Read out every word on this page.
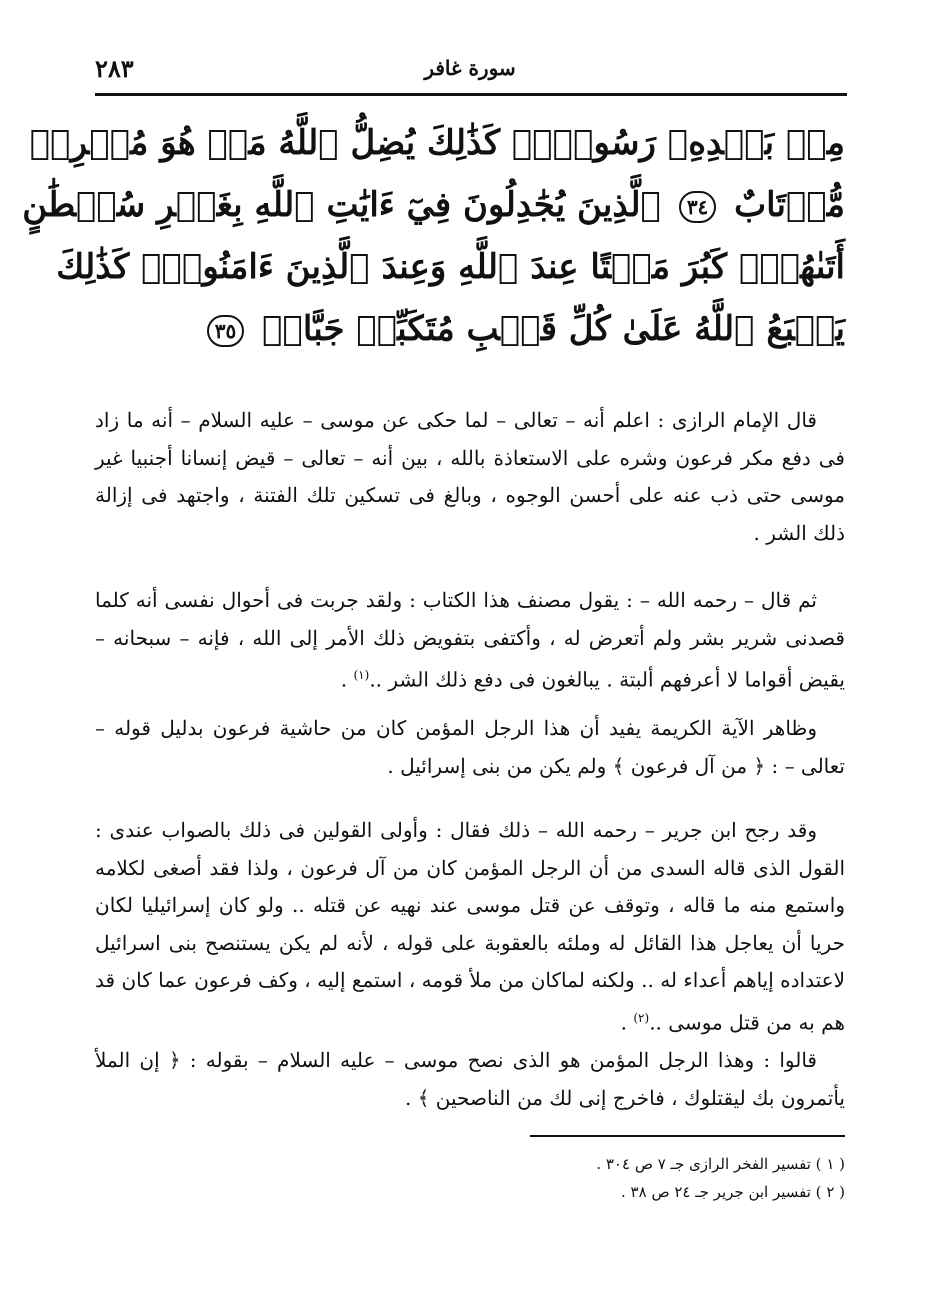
سورة غافر
٢٨٣
مِنۢ بَعۡدِهِۦ رَسُولٗاۚ كَذَٰلِكَ يُضِلُّ ٱللَّهُ مَنۡ هُوَ مُسۡرِفٞ
مُّرۡتَابٌ ٣٤ ٱلَّذِينَ يُجَٰدِلُونَ فِيٓ ءَايَٰتِ ٱللَّهِ بِغَيۡرِ سُلۡطَٰنٍ
أَتَىٰهُمۡۖ كَبُرَ مَقۡتًا عِندَ ٱللَّهِ وَعِندَ ٱلَّذِينَ ءَامَنُواْۚ كَذَٰلِكَ
يَطۡبَعُ ٱللَّهُ عَلَىٰ كُلِّ قَلۡبِ مُتَكَبِّرٖ جَبَّارٖ ٣٥

قال الإمام الرازى : اعلم أنه – تعالى – لما حكى عن موسى – عليه السلام – أنه ما زاد فى دفع مكر فرعون وشره على الاستعاذة بالله ، بين أنه – تعالى – قيض إنسانا أجنبيا غير موسى حتى ذب عنه على أحسن الوجوه ، وبالغ فى تسكين تلك الفتنة ، واجتهد فى إزالة ذلك الشر .

ثم قال – رحمه الله – : يقول مصنف هذا الكتاب : ولقد جربت فى أحوال نفسى أنه كلما قصدنى شرير بشر ولم أتعرض له ، وأكتفى بتفويض ذلك الأمر إلى الله ، فإنه – سبحانه – يقيض أقواما لا أعرفهم ألبتة . يبالغون فى دفع ذلك الشر ..$^{(١)}$ .

وظاهر الآية الكريمة يفيد أن هذا الرجل المؤمن كان من حاشية فرعون بدليل قوله – تعالى – : ﴿ من آل فرعون ﴾ ولم يكن من بنى إسرائيل .

وقد رجح ابن جرير – رحمه الله – ذلك فقال : وأولى القولين فى ذلك بالصواب عندى : القول الذى قاله السدى من أن الرجل المؤمن كان من آل فرعون ، ولذا فقد أصغى لكلامه واستمع منه ما قاله ، وتوقف عن قتل موسى عند نهيه عن قتله .. ولو كان إسرائيليا لكان حريا أن يعاجل هذا القائل له وملئه بالعقوبة على قوله ، لأنه لم يكن يستنصح بنى اسرائيل لاعتداده إياهم أعداء له .. ولكنه لماكان من ملأ قومه ، استمع إليه ، وكف فرعون عما كان قد هم به من قتل موسى ..$^{(٢)}$ .

قالوا : وهذا الرجل المؤمن هو الذى نصح موسى – عليه السلام – بقوله : ﴿ إن الملأ يأتمرون بك ليقتلوك ، فاخرج إنى لك من الناصحين ﴾ .

( ١ ) تفسير الفخر الرازى جـ ٧ ص ٣٠٤ .
( ٢ ) تفسير ابن جرير جـ ٢٤ ص ٣٨ .
